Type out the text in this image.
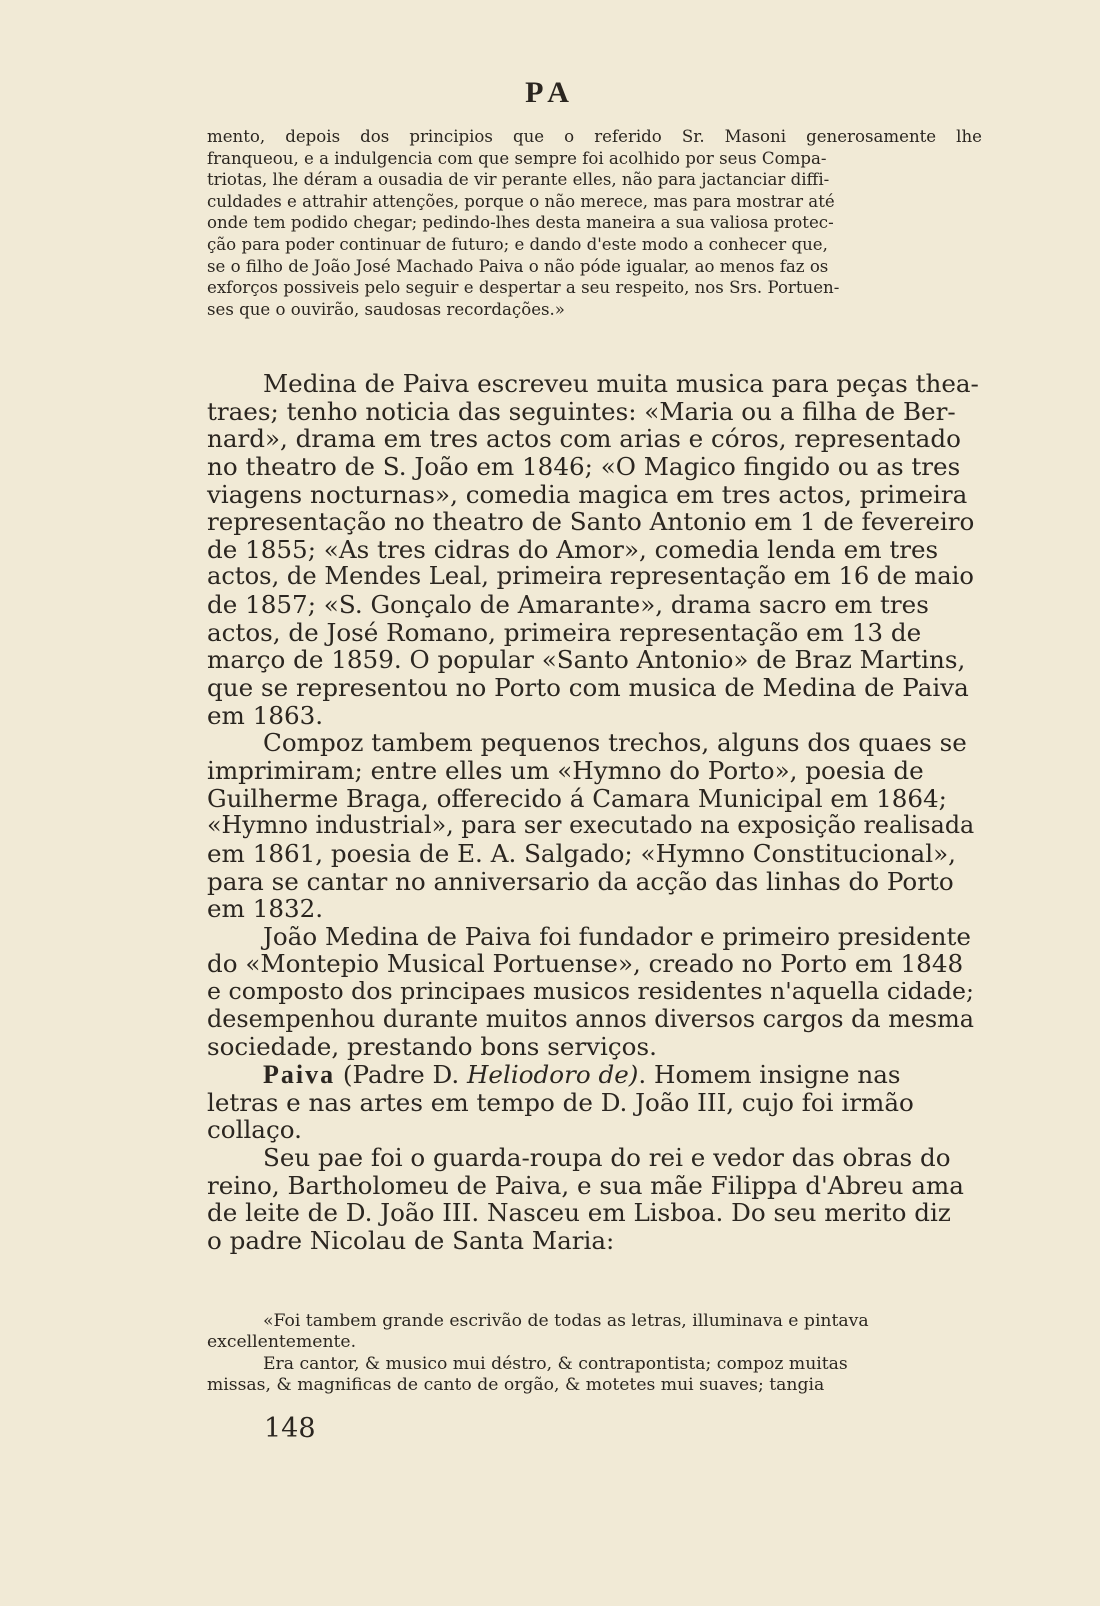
PA
mento, depois dos principios que o referido Sr. Masoni generosamente lhe
franqueou, e a indulgencia com que sempre foi acolhido por seus Compa-
triotas, lhe déram a ousadia de vir perante elles, não para jactanciar diffi-
culdades e attrahir attenções, porque o não merece, mas para mostrar até
onde tem podido chegar; pedindo-lhes desta maneira a sua valiosa protec-
ção para poder continuar de futuro; e dando d'este modo a conhecer que,
se o filho de João José Machado Paiva o não póde igualar, ao menos faz os
exforços possiveis pelo seguir e despertar a seu respeito, nos Srs. Portuen-
ses que o ouvirão, saudosas recordações.»
Medina de Paiva escreveu muita musica para peças thea-
traes; tenho noticia das seguintes: «Maria ou a filha de Ber-
nard», drama em tres actos com arias e córos, representado
no theatro de S. João em 1846; «O Magico fingido ou as tres
viagens nocturnas», comedia magica em tres actos, primeira
representação no theatro de Santo Antonio em 1 de fevereiro
de 1855; «As tres cidras do Amor», comedia lenda em tres
actos, de Mendes Leal, primeira representação em 16 de maio
de 1857; «S. Gonçalo de Amarante», drama sacro em tres
actos, de José Romano, primeira representação em 13 de
março de 1859. O popular «Santo Antonio» de Braz Martins,
que se representou no Porto com musica de Medina de Paiva
em 1863.
Compoz tambem pequenos trechos, alguns dos quaes se
imprimiram; entre elles um «Hymno do Porto», poesia de
Guilherme Braga, offerecido á Camara Municipal em 1864;
«Hymno industrial», para ser executado na exposição realisada
em 1861, poesia de E. A. Salgado; «Hymno Constitucional»,
para se cantar no anniversario da acção das linhas do Porto
em 1832.
João Medina de Paiva foi fundador e primeiro presidente
do «Montepio Musical Portuense», creado no Porto em 1848
e composto dos principaes musicos residentes n'aquella cidade;
desempenhou durante muitos annos diversos cargos da mesma
sociedade, prestando bons serviços.
Paiva (Padre D. Heliodoro de). Homem insigne nas
letras e nas artes em tempo de D. João III, cujo foi irmão
collaço.
Seu pae foi o guarda-roupa do rei e vedor das obras do
reino, Bartholomeu de Paiva, e sua mãe Filippa d'Abreu ama
de leite de D. João III. Nasceu em Lisboa. Do seu merito diz
o padre Nicolau de Santa Maria:
«Foi tambem grande escrivão de todas as letras, illuminava e pintava
excellentemente.
Era cantor, & musico mui déstro, & contrapontista; compoz muitas
missas, & magnificas de canto de orgão, & motetes mui suaves; tangia
148
